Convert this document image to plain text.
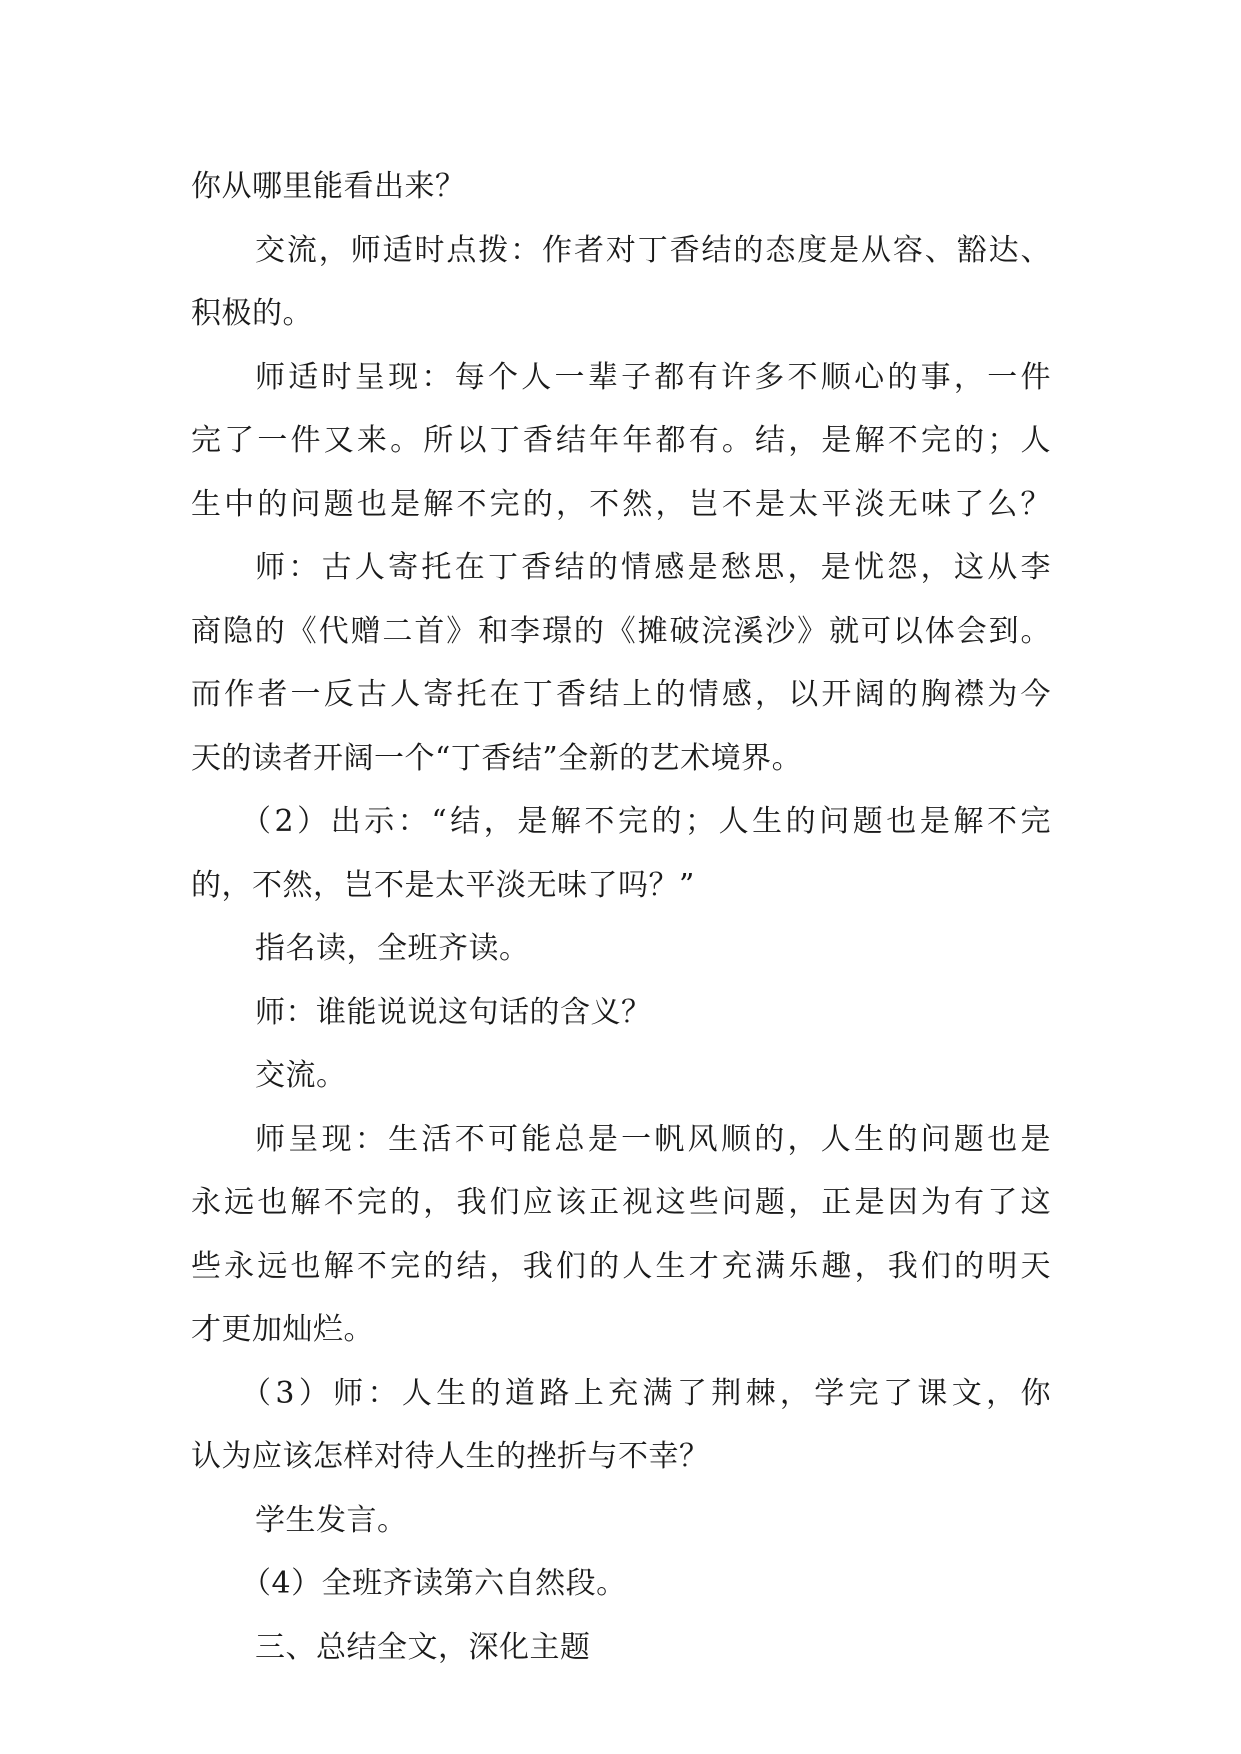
你从哪里能看出来？
交流，师适时点拨：作者对丁香结的态度是从容、豁达、
积极的。
师适时呈现：每个人一辈子都有许多不顺心的事，一件
完了一件又来。所以丁香结年年都有。结，是解不完的；人
生中的问题也是解不完的，不然，岂不是太平淡无味了么？
师：古人寄托在丁香结的情感是愁思，是忧怨，这从李
商隐的《代赠二首》和李璟的《摊破浣溪沙》就可以体会到。
而作者一反古人寄托在丁香结上的情感，以开阔的胸襟为今
天的读者开阔一个“丁香结”全新的艺术境界。
（2）出示：“结，是解不完的；人生的问题也是解不完
的，不然，岂不是太平淡无味了吗？”
指名读，全班齐读。
师：谁能说说这句话的含义？
交流。
师呈现：生活不可能总是一帆风顺的，人生的问题也是
永远也解不完的，我们应该正视这些问题，正是因为有了这
些永远也解不完的结，我们的人生才充满乐趣，我们的明天
才更加灿烂。
（3）师：人生的道路上充满了荆棘，学完了课文，你
认为应该怎样对待人生的挫折与不幸？
学生发言。
（4）全班齐读第六自然段。
三、总结全文，深化主题
